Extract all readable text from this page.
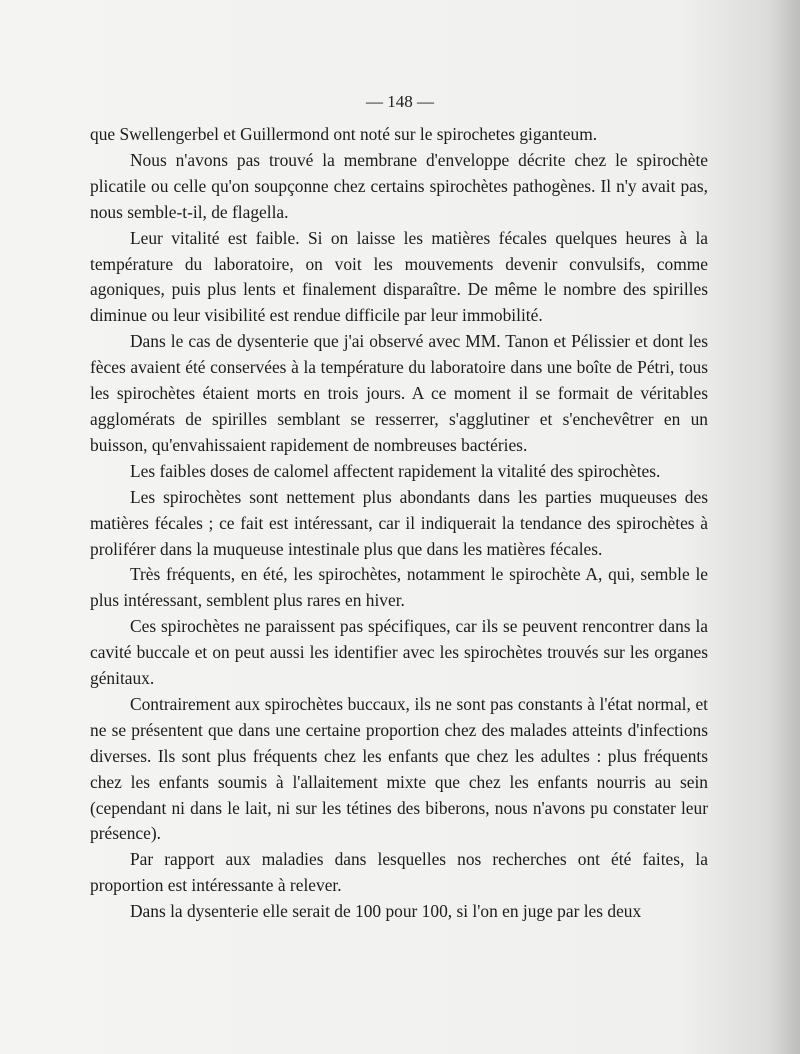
— 148 —

que Swellengerbel et Guillermond ont noté sur le spirochetes giganteum.

Nous n'avons pas trouvé la membrane d'enveloppe décrite chez le spirochète plicatile ou celle qu'on soupçonne chez certains spirochètes pathogènes. Il n'y avait pas, nous semble-t-il, de flagella.

Leur vitalité est faible. Si on laisse les matières fécales quelques heures à la température du laboratoire, on voit les mouvements devenir convulsifs, comme agoniques, puis plus lents et finalement disparaître. De même le nombre des spirilles diminue ou leur visibilité est rendue difficile par leur immobilité.

Dans le cas de dysenterie que j'ai observé avec MM. Tanon et Pélissier et dont les fèces avaient été conservées à la température du laboratoire dans une boîte de Pétri, tous les spirochètes étaient morts en trois jours. A ce moment il se formait de véritables agglomérats de spirilles semblant se resserrer, s'agglutiner et s'enchevêtrer en un buisson, qu'envahissaient rapidement de nombreuses bactéries.

Les faibles doses de calomel affectent rapidement la vitalité des spirochètes.

Les spirochètes sont nettement plus abondants dans les parties muqueuses des matières fécales ; ce fait est intéressant, car il indiquerait la tendance des spirochètes à proliférer dans la muqueuse intestinale plus que dans les matières fécales.

Très fréquents, en été, les spirochètes, notamment le spirochète A, qui, semble le plus intéressant, semblent plus rares en hiver.

Ces spirochètes ne paraissent pas spécifiques, car ils se peuvent rencontrer dans la cavité buccale et on peut aussi les identifier avec les spirochètes trouvés sur les organes génitaux.

Contrairement aux spirochètes buccaux, ils ne sont pas constants à l'état normal, et ne se présentent que dans une certaine proportion chez des malades atteints d'infections diverses. Ils sont plus fréquents chez les enfants que chez les adultes : plus fréquents chez les enfants soumis à l'allaitement mixte que chez les enfants nourris au sein (cependant ni dans le lait, ni sur les tétines des biberons, nous n'avons pu constater leur présence).

Par rapport aux maladies dans lesquelles nos recherches ont été faites, la proportion est intéressante à relever.

Dans la dysenterie elle serait de 100 pour 100, si l'on en juge par les deux
